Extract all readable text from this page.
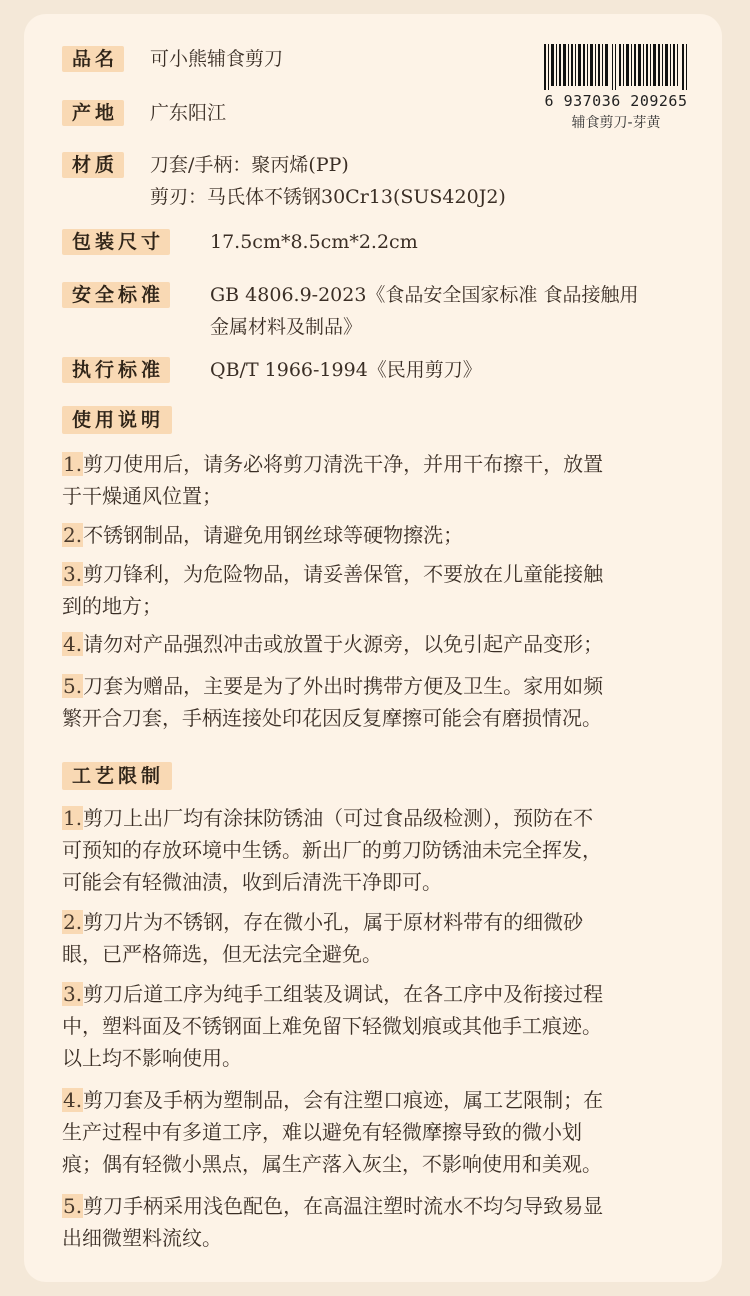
品名 可小熊辅食剪刀
产地 广东阳江
材质 刀套/手柄：聚丙烯(PP)
剪刃：马氏体不锈钢30Cr13(SUS420J2)
包装尺寸 17.5cm*8.5cm*2.2cm
安全标准 GB 4806.9-2023《食品安全国家标准 食品接触用
金属材料及制品》
执行标准 QB/T 1966-1994《民用剪刀》
6 937036 209265
辅食剪刀-芽黄
使用说明
1.剪刀使用后，请务必将剪刀清洗干净，并用干布擦干，放置
于干燥通风位置；
2.不锈钢制品，请避免用钢丝球等硬物擦洗；
3.剪刀锋利，为危险物品，请妥善保管，不要放在儿童能接触
到的地方；
4.请勿对产品强烈冲击或放置于火源旁，以免引起产品变形；
5.刀套为赠品，主要是为了外出时携带方便及卫生。家用如频
繁开合刀套，手柄连接处印花因反复摩擦可能会有磨损情况。
工艺限制
1.剪刀上出厂均有涂抹防锈油（可过食品级检测），预防在不
可预知的存放环境中生锈。新出厂的剪刀防锈油未完全挥发，
可能会有轻微油渍，收到后清洗干净即可。
2.剪刀片为不锈钢，存在微小孔，属于原材料带有的细微砂
眼，已严格筛选，但无法完全避免。
3.剪刀后道工序为纯手工组装及调试，在各工序中及衔接过程
中，塑料面及不锈钢面上难免留下轻微划痕或其他手工痕迹。
以上均不影响使用。
4.剪刀套及手柄为塑制品，会有注塑口痕迹，属工艺限制；在
生产过程中有多道工序，难以避免有轻微摩擦导致的微小划
痕；偶有轻微小黑点，属生产落入灰尘，不影响使用和美观。
5.剪刀手柄采用浅色配色，在高温注塑时流水不均匀导致易显
出细微塑料流纹。
